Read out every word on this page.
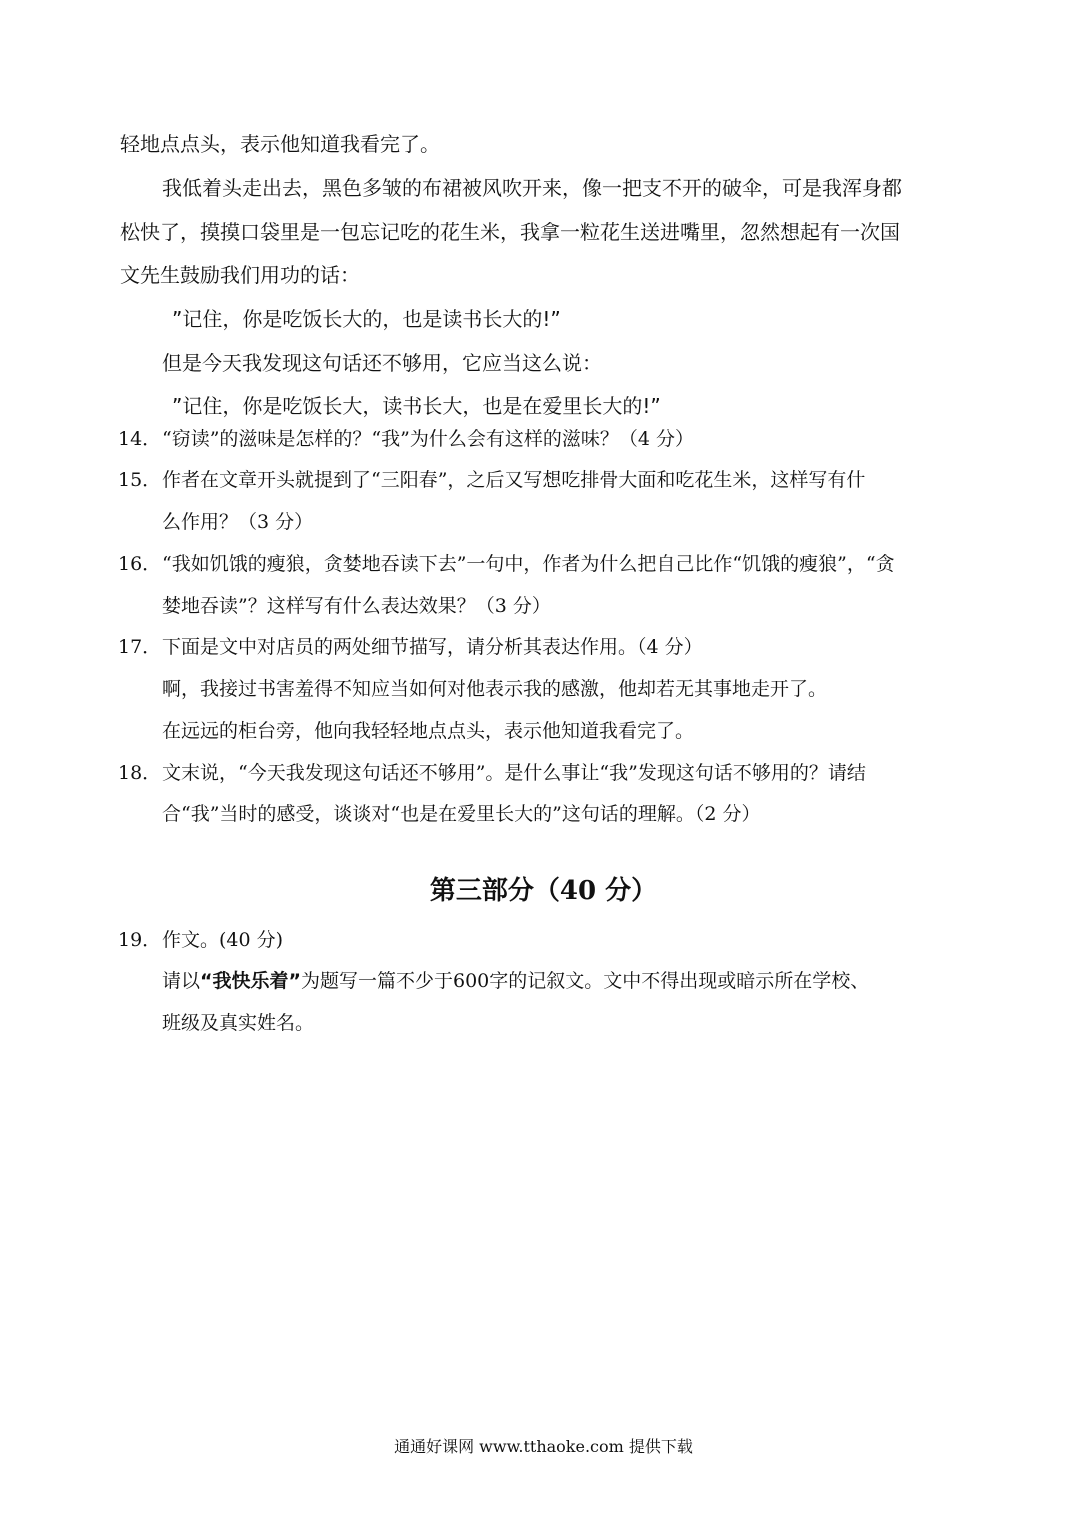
轻地点点头，表示他知道我看完了。
我低着头走出去，黑色多皱的布裙被风吹开来，像一把支不开的破伞，可是我浑身都
松快了，摸摸口袋里是一包忘记吃的花生米，我拿一粒花生送进嘴里，忽然想起有一次国
文先生鼓励我们用功的话：
”记住，你是吃饭长大的，也是读书长大的!”
但是今天我发现这句话还不够用，它应当这么说：
”记住，你是吃饭长大，读书长大，也是在爱里长大的!”
14．“窃读”的滋味是怎样的？“我”为什么会有这样的滋味？（4 分）
15．作者在文章开头就提到了“三阳春”，之后又写想吃排骨大面和吃花生米，这样写有什
么作用？（3 分）
16．“我如饥饿的瘦狼，贪婪地吞读下去”一句中，作者为什么把自己比作“饥饿的瘦狼”，“贪
婪地吞读”？这样写有什么表达效果？（3 分）
17．下面是文中对店员的两处细节描写，请分析其表达作用。（4 分）
啊，我接过书害羞得不知应当如何对他表示我的感激，他却若无其事地走开了。
在远远的柜台旁，他向我轻轻地点点头，表示他知道我看完了。
18．文末说，“今天我发现这句话还不够用”。是什么事让“我”发现这句话不够用的？请结
合“我”当时的感受，谈谈对“也是在爱里长大的”这句话的理解。（2 分）
第三部分（40 分）
19．作文。(40 分)
请以“我快乐着”为题写一篇不少于600字的记叙文。文中不得出现或暗示所在学校、
班级及真实姓名。
通通好课网 www.tthaoke.com 提供下载
